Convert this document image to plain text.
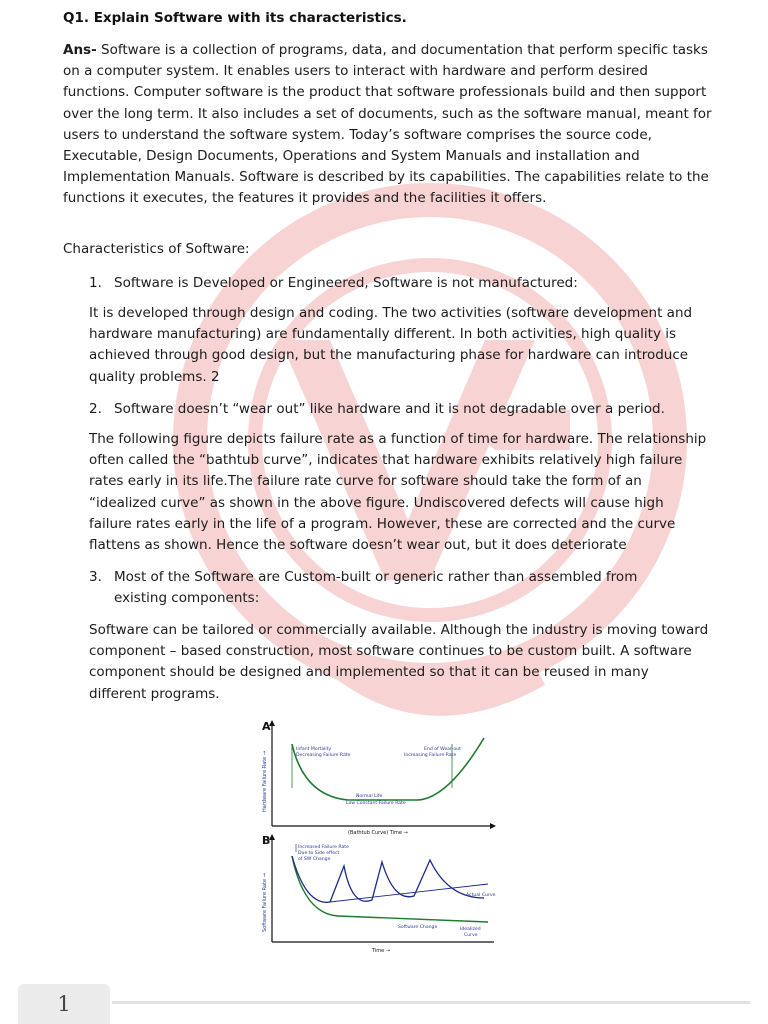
Q1. Explain Software with its characteristics.
Ans- Software is a collection of programs, data, and documentation that perform specific tasks on a computer system. It enables users to interact with hardware and perform desired functions. Computer software is the product that software professionals build and then support over the long term. It also includes a set of documents, such as the software manual, meant for users to understand the software system. Today’s software comprises the source code, Executable, Design Documents, Operations and System Manuals and installation and Implementation Manuals. Software is described by its capabilities. The capabilities relate to the functions it executes, the features it provides and the facilities it offers.
Characteristics of Software:
1. Software is Developed or Engineered, Software is not manufactured:
It is developed through design and coding. The two activities (software development and hardware manufacturing) are fundamentally different. In both activities, high quality is achieved through good design, but the manufacturing phase for hardware can introduce quality problems. 2
2. Software doesn’t “wear out” like hardware and it is not degradable over a period.
The following figure depicts failure rate as a function of time for hardware. The relationship often called the “bathtub curve”, indicates that hardware exhibits relatively high failure rates early in its life.The failure rate curve for software should take the form of an “idealized curve” as shown in the above figure. Undiscovered defects will cause high failure rates early in the life of a program. However, these are corrected and the curve flattens as shown. Hence the software doesn’t wear out, but it does deteriorate
3. Most of the Software are Custom-built or generic rather than assembled from existing components:
Software can be tailored or commercially available. Although the industry is moving toward component – based construction, most software continues to be custom built. A software component should be designed and implemented so that it can be reused in many different programs.
A
Hardware Failure Rate →
Infant Mortality
Decreasing Failure Rate
End of Wear-out
Increasing Failure Rate
Normal Life
Low Constant Failure Rate
(Bathtub Curve) Time →
B
Software Failure Rate →
Increased Failure Rate
Due to Side effect
of SW Change
Actual Curve
Software Change	Idealized
Curve
Time →
1
